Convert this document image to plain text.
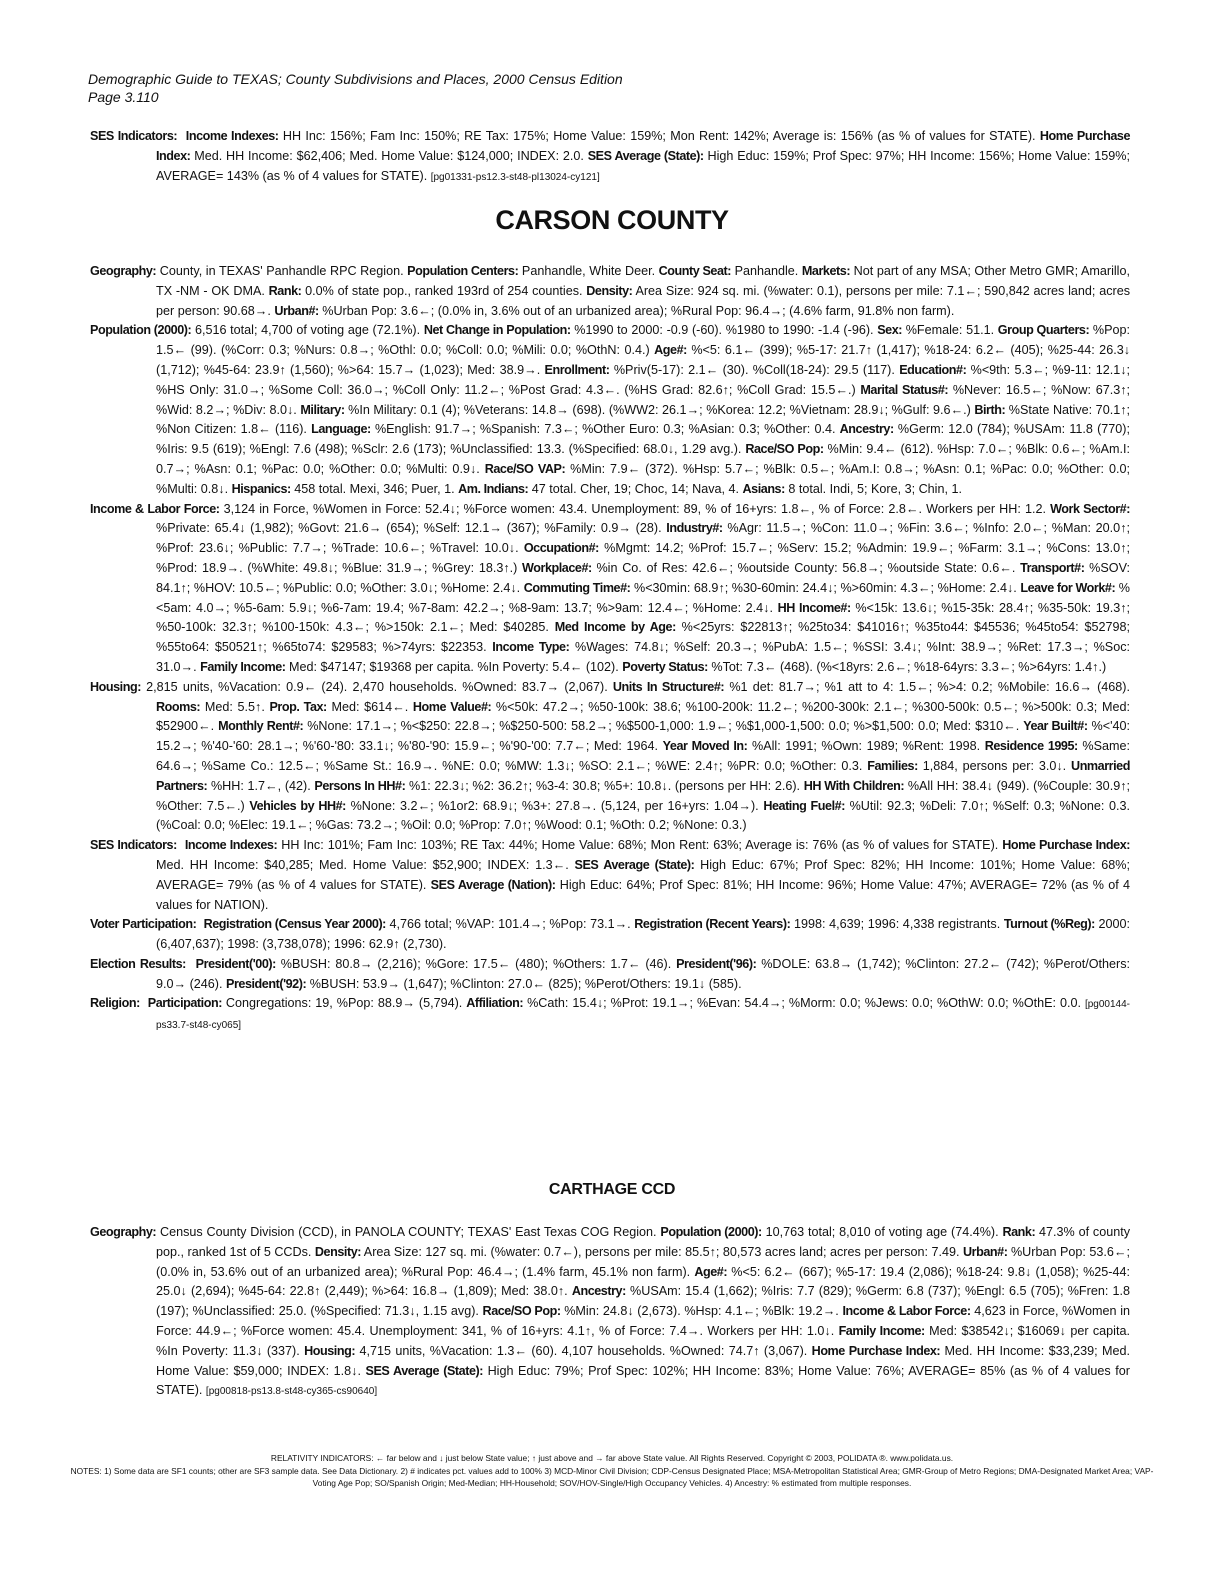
Demographic Guide to TEXAS; County Subdivisions and Places, 2000 Census Edition
Page 3.110

SES Indicators: Income Indexes: HH Inc: 156%; Fam Inc: 150%; RE Tax: 175%; Home Value: 159%; Mon Rent: 142%; Average is: 156% (as % of values for STATE). Home Purchase Index: Med. HH Income: $62,406; Med. Home Value: $124,000; INDEX: 2.0. SES Average (State): High Educ: 159%; Prof Spec: 97%; HH Income: 156%; Home Value: 159%; AVERAGE= 143% (as % of 4 values for STATE). [pg01331-ps12.3-st48-pl13024-cy121]

CARSON COUNTY

Geography: County, in TEXAS' Panhandle RPC Region. Population Centers: Panhandle, White Deer. County Seat: Panhandle. Markets: Not part of any MSA; Other Metro GMR; Amarillo, TX -NM - OK DMA. Rank: 0.0% of state pop., ranked 193rd of 254 counties. Density: Area Size: 924 sq. mi. (%water: 0.1), persons per mile: 7.1←; 590,842 acres land; acres per person: 90.68→. Urban#: %Urban Pop: 3.6←; (0.0% in, 3.6% out of an urbanized area); %Rural Pop: 96.4→; (4.6% farm, 91.8% non farm).

Population (2000): 6,516 total; 4,700 of voting age (72.1%). Net Change in Population: %1990 to 2000: -0.9 (-60). %1980 to 1990: -1.4 (-96). Sex: %Female: 51.1. Group Quarters: %Pop: 1.5← (99). (%Corr: 0.3; %Nurs: 0.8→; %Othl: 0.0; %Coll: 0.0; %Mili: 0.0; %OthN: 0.4.) Age#: %<5: 6.1← (399); %5-17: 21.7↑ (1,417); %18-24: 6.2← (405); %25-44: 26.3↓ (1,712); %45-64: 23.9↑ (1,560); %>64: 15.7→ (1,023); Med: 38.9→. Enrollment: %Priv(5-17): 2.1← (30). %Coll(18-24): 29.5 (117). Education#: %<9th: 5.3←; %9-11: 12.1↓; %HS Only: 31.0→; %Some Coll: 36.0→; %Coll Only: 11.2←; %Post Grad: 4.3←. (%HS Grad: 82.6↑; %Coll Grad: 15.5←.) Marital Status#: %Never: 16.5←; %Now: 67.3↑; %Wid: 8.2→; %Div: 8.0↓. Military: %In Military: 0.1 (4); %Veterans: 14.8→ (698). (%WW2: 26.1→; %Korea: 12.2; %Vietnam: 28.9↓; %Gulf: 9.6←.) Birth: %State Native: 70.1↑; %Non Citizen: 1.8← (116). Language: %English: 91.7→; %Spanish: 7.3←; %Other Euro: 0.3; %Asian: 0.3; %Other: 0.4. Ancestry: %Germ: 12.0 (784); %USAm: 11.8 (770); %Iris: 9.5 (619); %Engl: 7.6 (498); %Sclr: 2.6 (173); %Unclassified: 13.3. (%Specified: 68.0↓, 1.29 avg.). Race/SO Pop: %Min: 9.4← (612). %Hsp: 7.0←; %Blk: 0.6←; %Am.I: 0.7→; %Asn: 0.1; %Pac: 0.0; %Other: 0.0; %Multi: 0.9↓. Race/SO VAP: %Min: 7.9← (372). %Hsp: 5.7←; %Blk: 0.5←; %Am.I: 0.8→; %Asn: 0.1; %Pac: 0.0; %Other: 0.0; %Multi: 0.8↓. Hispanics: 458 total. Mexi, 346; Puer, 1. Am. Indians: 47 total. Cher, 19; Choc, 14; Nava, 4. Asians: 8 total. Indi, 5; Kore, 3; Chin, 1.

Income & Labor Force: 3,124 in Force, %Women in Force: 52.4↓; %Force women: 43.4. Unemployment: 89, % of 16+yrs: 1.8←, % of Force: 2.8←. Workers per HH: 1.2. Work Sector#: %Private: 65.4↓ (1,982); %Govt: 21.6→ (654); %Self: 12.1→ (367); %Family: 0.9→ (28). Industry#: %Agr: 11.5→; %Con: 11.0→; %Fin: 3.6←; %Info: 2.0←; %Man: 20.0↑; %Prof: 23.6↓; %Public: 7.7→; %Trade: 10.6←; %Travel: 10.0↓. Occupation#: %Mgmt: 14.2; %Prof: 15.7←; %Serv: 15.2; %Admin: 19.9←; %Farm: 3.1→; %Cons: 13.0↑; %Prod: 18.9→. (%White: 49.8↓; %Blue: 31.9→; %Grey: 18.3↑.) Workplace#: %in Co. of Res: 42.6←; %outside County: 56.8→; %outside State: 0.6←. Transport#: %SOV: 84.1↑; %HOV: 10.5←; %Public: 0.0; %Other: 3.0↓; %Home: 2.4↓. Commuting Time#: %<30min: 68.9↑; %30-60min: 24.4↓; %>60min: 4.3←; %Home: 2.4↓. Leave for Work#: %<5am: 4.0→; %5-6am: 5.9↓; %6-7am: 19.4; %7-8am: 42.2→; %8-9am: 13.7; %>9am: 12.4←; %Home: 2.4↓. HH Income#: %<15k: 13.6↓; %15-35k: 28.4↑; %35-50k: 19.3↑; %50-100k: 32.3↑; %100-150k: 4.3←; %>150k: 2.1←; Med: $40285. Med Income by Age: %<25yrs: $22813↑; %25to34: $41016↑; %35to44: $45536; %45to54: $52798; %55to64: $50521↑; %65to74: $29583; %>74yrs: $22353. Income Type: %Wages: 74.8↓; %Self: 20.3→; %PubA: 1.5←; %SSI: 3.4↓; %Int: 38.9→; %Ret: 17.3→; %Soc: 31.0→. Family Income: Med: $47147; $19368 per capita. %In Poverty: 5.4← (102). Poverty Status: %Tot: 7.3← (468). (%<18yrs: 2.6←; %18-64yrs: 3.3←; %>64yrs: 1.4↑.)

Housing: 2,815 units, %Vacation: 0.9← (24). 2,470 households. %Owned: 83.7→ (2,067). Units In Structure#: %1 det: 81.7→; %1 att to 4: 1.5←; %>4: 0.2; %Mobile: 16.6→ (468). Rooms: Med: 5.5↑. Prop. Tax: Med: $614←. Home Value#: %<50k: 47.2→; %50-100k: 38.6; %100-200k: 11.2←; %200-300k: 2.1←; %300-500k: 0.5←; %>500k: 0.3; Med: $52900←. Monthly Rent#: %None: 17.1→; %<$250: 22.8→; %$250-500: 58.2→; %$500-1,000: 1.9←; %$1,000-1,500: 0.0; %>$1,500: 0.0; Med: $310←. Year Built#: %<'40: 15.2→; %'40-'60: 28.1→; %'60-'80: 33.1↓; %'80-'90: 15.9←; %'90-'00: 7.7←; Med: 1964. Year Moved In: %All: 1991; %Own: 1989; %Rent: 1998. Residence 1995: %Same: 64.6→; %Same Co.: 12.5←; %Same St.: 16.9→. %NE: 0.0; %MW: 1.3↓; %SO: 2.1←; %WE: 2.4↑; %PR: 0.0; %Other: 0.3. Families: 1,884, persons per: 3.0↓. Unmarried Partners: %HH: 1.7←, (42). Persons In HH#: %1: 22.3↓; %2: 36.2↑; %3-4: 30.8; %5+: 10.8↓. (persons per HH: 2.6). HH With Children: %All HH: 38.4↓ (949). (%Couple: 30.9↑; %Other: 7.5←.) Vehicles by HH#: %None: 3.2←; %1or2: 68.9↓; %3+: 27.8→. (5,124, per 16+yrs: 1.04→). Heating Fuel#: %Util: 92.3; %Deli: 7.0↑; %Self: 0.3; %None: 0.3. (%Coal: 0.0; %Elec: 19.1←; %Gas: 73.2→; %Oil: 0.0; %Prop: 7.0↑; %Wood: 0.1; %Oth: 0.2; %None: 0.3.)

SES Indicators: Income Indexes: HH Inc: 101%; Fam Inc: 103%; RE Tax: 44%; Home Value: 68%; Mon Rent: 63%; Average is: 76% (as % of values for STATE). Home Purchase Index: Med. HH Income: $40,285; Med. Home Value: $52,900; INDEX: 1.3←. SES Average (State): High Educ: 67%; Prof Spec: 82%; HH Income: 101%; Home Value: 68%; AVERAGE= 79% (as % of 4 values for STATE). SES Average (Nation): High Educ: 64%; Prof Spec: 81%; HH Income: 96%; Home Value: 47%; AVERAGE= 72% (as % of 4 values for NATION).

Voter Participation: Registration (Census Year 2000): 4,766 total; %VAP: 101.4→; %Pop: 73.1→. Registration (Recent Years): 1998: 4,639; 1996: 4,338 registrants. Turnout (%Reg): 2000: (6,407,637); 1998: (3,738,078); 1996: 62.9↑ (2,730).

Election Results: President('00): %BUSH: 80.8→ (2,216); %Gore: 17.5← (480); %Others: 1.7← (46). President('96): %DOLE: 63.8→ (1,742); %Clinton: 27.2← (742); %Perot/Others: 9.0→ (246). President('92): %BUSH: 53.9→ (1,647); %Clinton: 27.0← (825); %Perot/Others: 19.1↓ (585).

Religion: Participation: Congregations: 19, %Pop: 88.9→ (5,794). Affiliation: %Cath: 15.4↓; %Prot: 19.1→; %Evan: 54.4→; %Morm: 0.0; %Jews: 0.0; %OthW: 0.0; %OthE: 0.0. [pg00144-ps33.7-st48-cy065]

CARTHAGE CCD

Geography: Census County Division (CCD), in PANOLA COUNTY; TEXAS' East Texas COG Region. Population (2000): 10,763 total; 8,010 of voting age (74.4%). Rank: 47.3% of county pop., ranked 1st of 5 CCDs. Density: Area Size: 127 sq. mi. (%water: 0.7←), persons per mile: 85.5↑; 80,573 acres land; acres per person: 7.49. Urban#: %Urban Pop: 53.6←; (0.0% in, 53.6% out of an urbanized area); %Rural Pop: 46.4→; (1.4% farm, 45.1% non farm). Age#: %<5: 6.2← (667); %5-17: 19.4 (2,086); %18-24: 9.8↓ (1,058); %25-44: 25.0↓ (2,694); %45-64: 22.8↑ (2,449); %>64: 16.8→ (1,809); Med: 38.0↑. Ancestry: %USAm: 15.4 (1,662); %Iris: 7.7 (829); %Germ: 6.8 (737); %Engl: 6.5 (705); %Fren: 1.8 (197); %Unclassified: 25.0. (%Specified: 71.3↓, 1.15 avg). Race/SO Pop: %Min: 24.8↓ (2,673). %Hsp: 4.1←; %Blk: 19.2→. Income & Labor Force: 4,623 in Force, %Women in Force: 44.9←; %Force women: 45.4. Unemployment: 341, % of 16+yrs: 4.1↑, % of Force: 7.4→. Workers per HH: 1.0↓. Family Income: Med: $38542↓; $16069↓ per capita. %In Poverty: 11.3↓ (337). Housing: 4,715 units, %Vacation: 1.3← (60). 4,107 households. %Owned: 74.7↑ (3,067). Home Purchase Index: Med. HH Income: $33,239; Med. Home Value: $59,000; INDEX: 1.8↓. SES Average (State): High Educ: 79%; Prof Spec: 102%; HH Income: 83%; Home Value: 76%; AVERAGE= 85% (as % of 4 values for STATE). [pg00818-ps13.8-st48-cy365-cs90640]

RELATIVITY INDICATORS: ← far below and ↓ just below State value; ↑ just above and → far above State value. All Rights Reserved. Copyright © 2003, POLIDATA ®. www.polidata.us.
NOTES: 1) Some data are SF1 counts; other are SF3 sample data. See Data Dictionary. 2) # indicates pct. values add to 100% 3) MCD-Minor Civil Division; CDP-Census Designated Place; MSA-Metropolitan Statistical Area; GMR-Group of Metro Regions; DMA-Designated Market Area; VAP-Voting Age Pop; SO/Spanish Origin; Med-Median; HH-Household; SOV/HOV-Single/High Occupancy Vehicles. 4) Ancestry: % estimated from multiple responses.
